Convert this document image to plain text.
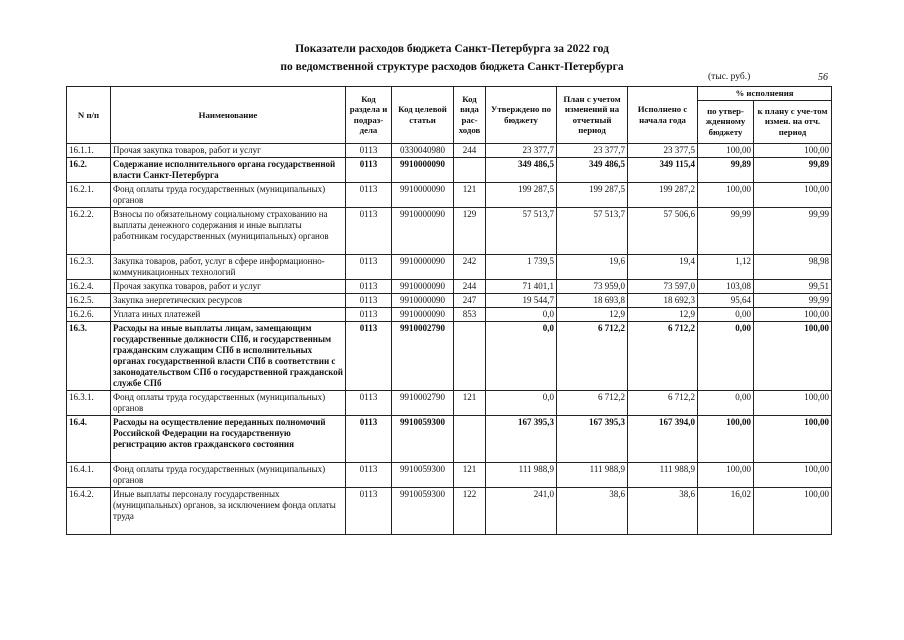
Показатели расходов бюджета Санкт-Петербурга за 2022 год
по ведомственной структуре расходов бюджета Санкт-Петербурга
(тыс. руб.)	56
N п/п	Наименование	Код раздела и подраз-дела	Код целевой статьи	Код вида рас-ходов	Утверждено по бюджету	План с учетом изменений на отчетный период	Исполнено с начала года	% исполнения	
								по утвер-жденному бюджету	к плану с уче-том измен. на отч. период
16.1.1.	Прочая закупка товаров, работ и услуг	0113	0330040980	244	23 377,7	23 377,7	23 377,5	100,00	100,00
16.2.	Содержание исполнительного органа государственной власти Санкт-Петербурга	0113	9910000090		349 486,5	349 486,5	349 115,4	99,89	99,89
16.2.1.	Фонд оплаты труда государственных (муниципальных) органов	0113	9910000090	121	199 287,5	199 287,5	199 287,2	100,00	100,00
16.2.2.	Взносы по обязательному социальному страхованию на выплаты денежного содержания и иные выплаты работникам государственных (муниципальных) органов	0113	9910000090	129	57 513,7	57 513,7	57 506,6	99,99	99,99
16.2.3.	Закупка товаров, работ, услуг в сфере информационно-коммуникационных технологий	0113	9910000090	242	1 739,5	19,6	19,4	1,12	98,98
16.2.4.	Прочая закупка товаров, работ и услуг	0113	9910000090	244	71 401,1	73 959,0	73 597,0	103,08	99,51
16.2.5.	Закупка энергетических ресурсов	0113	9910000090	247	19 544,7	18 693,8	18 692,3	95,64	99,99
16.2.6.	Уплата иных платежей	0113	9910000090	853	0,0	12,9	12,9	0,00	100,00
16.3.	Расходы на иные выплаты лицам, замещающим государственные должности СПб, и государственным гражданским служащим СПб в исполнительных органах государственной власти СПб в соответствии с законодательством СПб о государственной гражданской службе СПб	0113	9910002790		0,0	6 712,2	6 712,2	0,00	100,00
16.3.1.	Фонд оплаты труда государственных (муниципальных) органов	0113	9910002790	121	0,0	6 712,2	6 712,2	0,00	100,00
16.4.	Расходы на осуществление переданных полномочий Российской Федерации на государственную регистрацию актов гражданского состояния	0113	9910059300		167 395,3	167 395,3	167 394,0	100,00	100,00
16.4.1.	Фонд оплаты труда государственных (муниципальных) органов	0113	9910059300	121	111 988,9	111 988,9	111 988,9	100,00	100,00
16.4.2.	Иные выплаты персоналу государственных (муниципальных) органов, за исключением фонда оплаты труда	0113	9910059300	122	241,0	38,6	38,6	16,02	100,00
